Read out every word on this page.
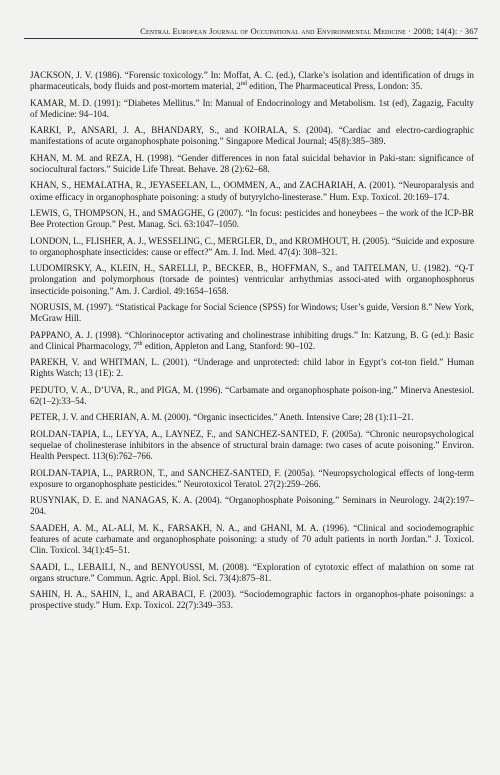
Central European Journal of Occupational and Environmental Medicine · 2008; 14(4): · 367

JACKSON, J. V. (1986). “Forensic toxicology.” In: Moffat, A. C. (ed.), Clarke’s isolation and identification of drugs in pharmaceuticals, body fluids and post-mortem material, 2nd edition, The Pharmaceutical Press, London: 35.

KAMAR, M. D. (1991): “Diabetes Mellitus.” In: Manual of Endocrinology and Metabolism. 1st (ed), Zagazig, Faculty of Medicine: 94–104.

KARKI, P., ANSARI, J. A., BHANDARY, S., and KOIRALA, S. (2004). “Cardiac and electro-cardiographic manifestations of acute organophosphate poisoning.” Singapore Medical Journal; 45(8):385–389.

KHAN, M. M. and REZA, H. (1998). “Gender differences in non fatal suicidal behavior in Paki-stan: significance of sociocultural factors.” Suicide Life Threat. Behave. 28 (2):62–68.

KHAN, S., HEMALATHA, R., JEYASEELAN, L., OOMMEN, A., and ZACHARIAH, A. (2001). “Neuroparalysis and oxime efficacy in organophosphate poisoning: a study of butyrylcho-linesterase.” Hum. Exp. Toxicol. 20:169–174.

LEWIS, G, THOMPSON, H., and SMAGGHE, G (2007). “In focus: pesticides and honeybees – the work of the ICP-BR Bee Protection Group.” Pest. Manag. Sci. 63:1047–1050.

LONDON, L., FLISHER, A. J., WESSELING, C., MERGLER, D., and KROMHOUT, H. (2005). “Suicide and exposure to organophosphate insecticides: cause or effect?” Am. J. Ind. Med. 47(4): 308–321.

LUDOMIRSKY, A., KLEIN, H., SARELLI, P., BECKER, B., HOFFMAN, S., and TAITELMAN, U. (1982). “Q-T prolongation and polymorphous (torsade de pointes) ventricular arrhythmias associ-ated with organophosphorus insecticide poisoning.” Am. J. Cardiol. 49:1654–1658.

NORUSIS, M. (1997). “Statistical Package for Social Science (SPSS) for Windows; User’s guide, Version 8.” New York, McGraw Hill.

PAPPANO, A. J. (1998). “Chlorinoceptor activating and cholinestrase inhibiting drugs.” In: Katzung, B. G (ed.): Basic and Clinical Pharmacology, 7th edition, Appleton and Lang, Stanford: 90–102.

PAREKH, V. and WHITMAN, L. (2001). “Underage and unprotected: child labor in Egypt’s cot-ton field.” Human Rights Watch; 13 (1E): 2.

PEDUTO, V. A., D’UVA, R., and PIGA, M. (1996). “Carbamate and organophosphate poison-ing.” Minerva Anestesiol. 62(1–2):33–54.

PETER, J. V. and CHERIAN, A. M. (2000). “Organic insecticides.” Aneth. Intensive Care; 28 (1):11–21.

ROLDAN-TAPIA, L., LEYYA, A., LAYNEZ, F., and SANCHEZ-SANTED, F. (2005a). “Chronic neuropsychological sequelae of cholinesterase inhibitors in the absence of structural brain damage: two cases of acute poisoning.” Environ. Health Perspect. 113(6):762–766.

ROLDAN-TAPIA, L., PARRON, T., and SANCHEZ-SANTED, F. (2005a). “Neuropsychological effects of long-term exposure to organophosphate pesticides.” Neurotoxicol Teratol. 27(2):259–266.

RUSYNIAK, D. E. and NANAGAS, K. A. (2004). “Organophosphate Poisoning.” Seminars in Neurology. 24(2):197–204.

SAADEH, A. M., AL-ALI, M. K., FARSAKH, N. A., and GHANI, M. A. (1996). “Clinical and sociodemographic features of acute carbamate and organophosphate poisoning: a study of 70 adult patients in north Jordan.” J. Toxicol. Clin. Toxicol. 34(1):45–51.

SAADI, L., LEBAILI, N., and BENYOUSSI, M. (2008). “Exploration of cytotoxic effect of malathion on some rat organs structure.” Commun. Agric. Appl. Biol. Sci. 73(4):875–81.

SAHIN, H. A., SAHIN, I., and ARABACI, F. (2003). “Sociodemographic factors in organophos-phate poisonings: a prospective study.” Hum. Exp. Toxicol. 22(7):349–353.
